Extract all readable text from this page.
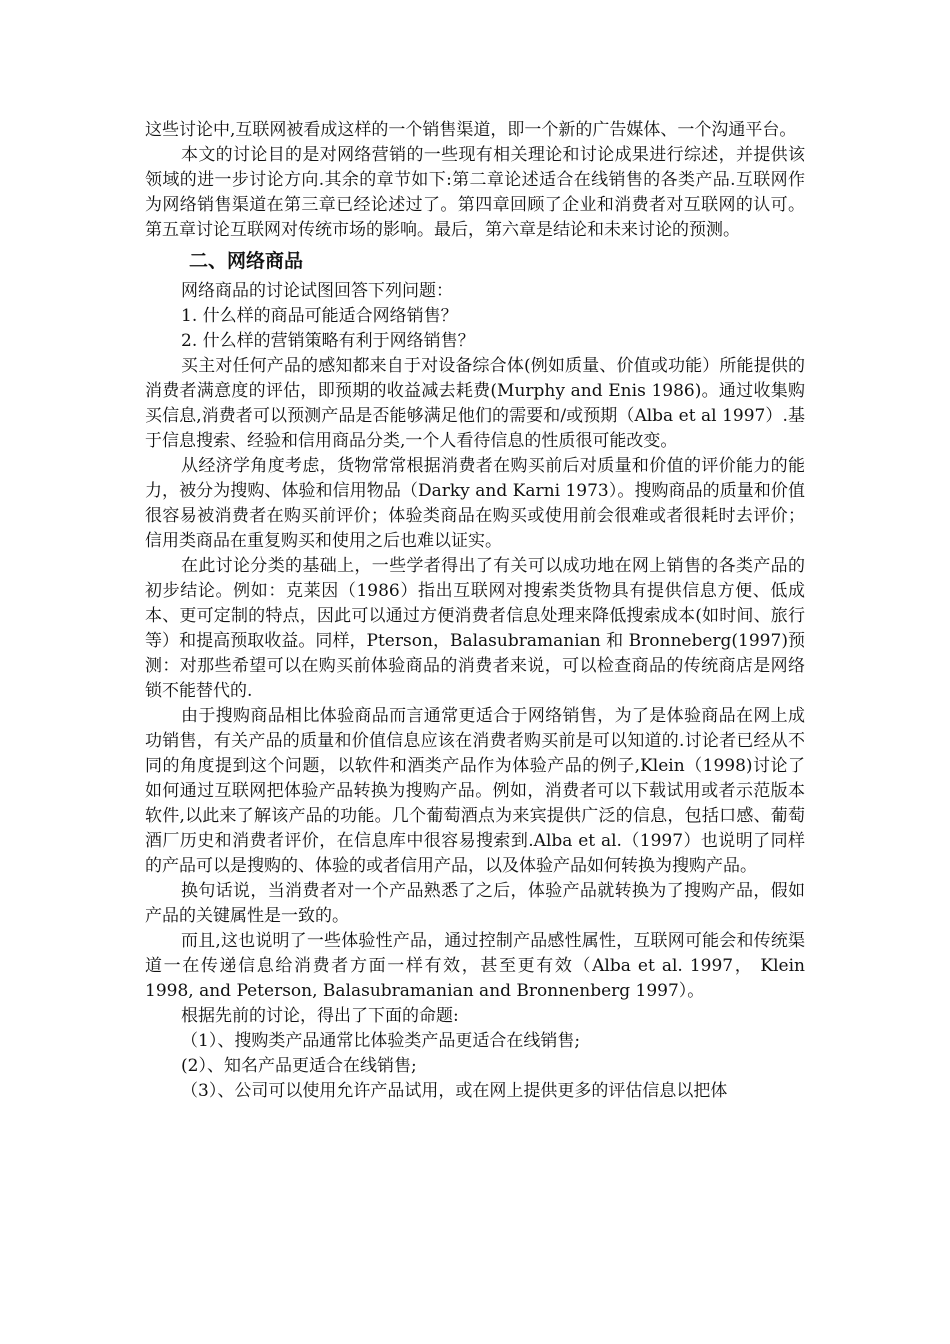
这些讨论中,互联网被看成这样的一个销售渠道，即一个新的广告媒体、一个沟通平台。

本文的讨论目的是对网络营销的一些现有相关理论和讨论成果进行综述，并提供该领域的进一步讨论方向.其余的章节如下:第二章论述适合在线销售的各类产品.互联网作为网络销售渠道在第三章已经论述过了。第四章回顾了企业和消费者对互联网的认可。第五章讨论互联网对传统市场的影响。最后，第六章是结论和未来讨论的预测。

二、网络商品

网络商品的讨论试图回答下列问题：

1. 什么样的商品可能适合网络销售？

2. 什么样的营销策略有利于网络销售？

买主对任何产品的感知都来自于对设备综合体(例如质量、价值或功能）所能提供的消费者满意度的评估，即预期的收益减去耗费(Murphy and Enis 1986)。通过收集购买信息,消费者可以预测产品是否能够满足他们的需要和/或预期（Alba et al 1997）.基于信息搜索、经验和信用商品分类,一个人看待信息的性质很可能改变。

从经济学角度考虑，货物常常根据消费者在购买前后对质量和价值的评价能力的能力，被分为搜购、体验和信用物品（Darky and Karni 1973）。搜购商品的质量和价值很容易被消费者在购买前评价；体验类商品在购买或使用前会很难或者很耗时去评价；信用类商品在重复购买和使用之后也难以证实。

在此讨论分类的基础上，一些学者得出了有关可以成功地在网上销售的各类产品的初步结论。例如：克莱因（1986）指出互联网对搜索类货物具有提供信息方便、低成本、更可定制的特点，因此可以通过方便消费者信息处理来降低搜索成本(如时间、旅行等）和提高预取收益。同样，Pterson，Balasubramanian 和 Bronneberg(1997)预测：对那些希望可以在购买前体验商品的消费者来说，可以检查商品的传统商店是网络锁不能替代的.

由于搜购商品相比体验商品而言通常更适合于网络销售，为了是体验商品在网上成功销售，有关产品的质量和价值信息应该在消费者购买前是可以知道的.讨论者已经从不同的角度提到这个问题，以软件和酒类产品作为体验产品的例子,Klein（1998)讨论了如何通过互联网把体验产品转换为搜购产品。例如，消费者可以下载试用或者示范版本软件,以此来了解该产品的功能。几个葡萄酒点为来宾提供广泛的信息，包括口感、葡萄酒厂历史和消费者评价，在信息库中很容易搜索到.Alba et al.（1997）也说明了同样的产品可以是搜购的、体验的或者信用产品，以及体验产品如何转换为搜购产品。

换句话说，当消费者对一个产品熟悉了之后，体验产品就转换为了搜购产品，假如产品的关键属性是一致的。

而且,这也说明了一些体验性产品，通过控制产品感性属性，互联网可能会和传统渠道一在传递信息给消费者方面一样有效，甚至更有效（Alba et al. 1997， Klein 1998, and Peterson, Balasubramanian and Bronnenberg 1997）。

根据先前的讨论，得出了下面的命题:

（1）、搜购类产品通常比体验类产品更适合在线销售;

(2）、知名产品更适合在线销售;

（3）、公司可以使用允许产品试用，或在网上提供更多的评估信息以把体
